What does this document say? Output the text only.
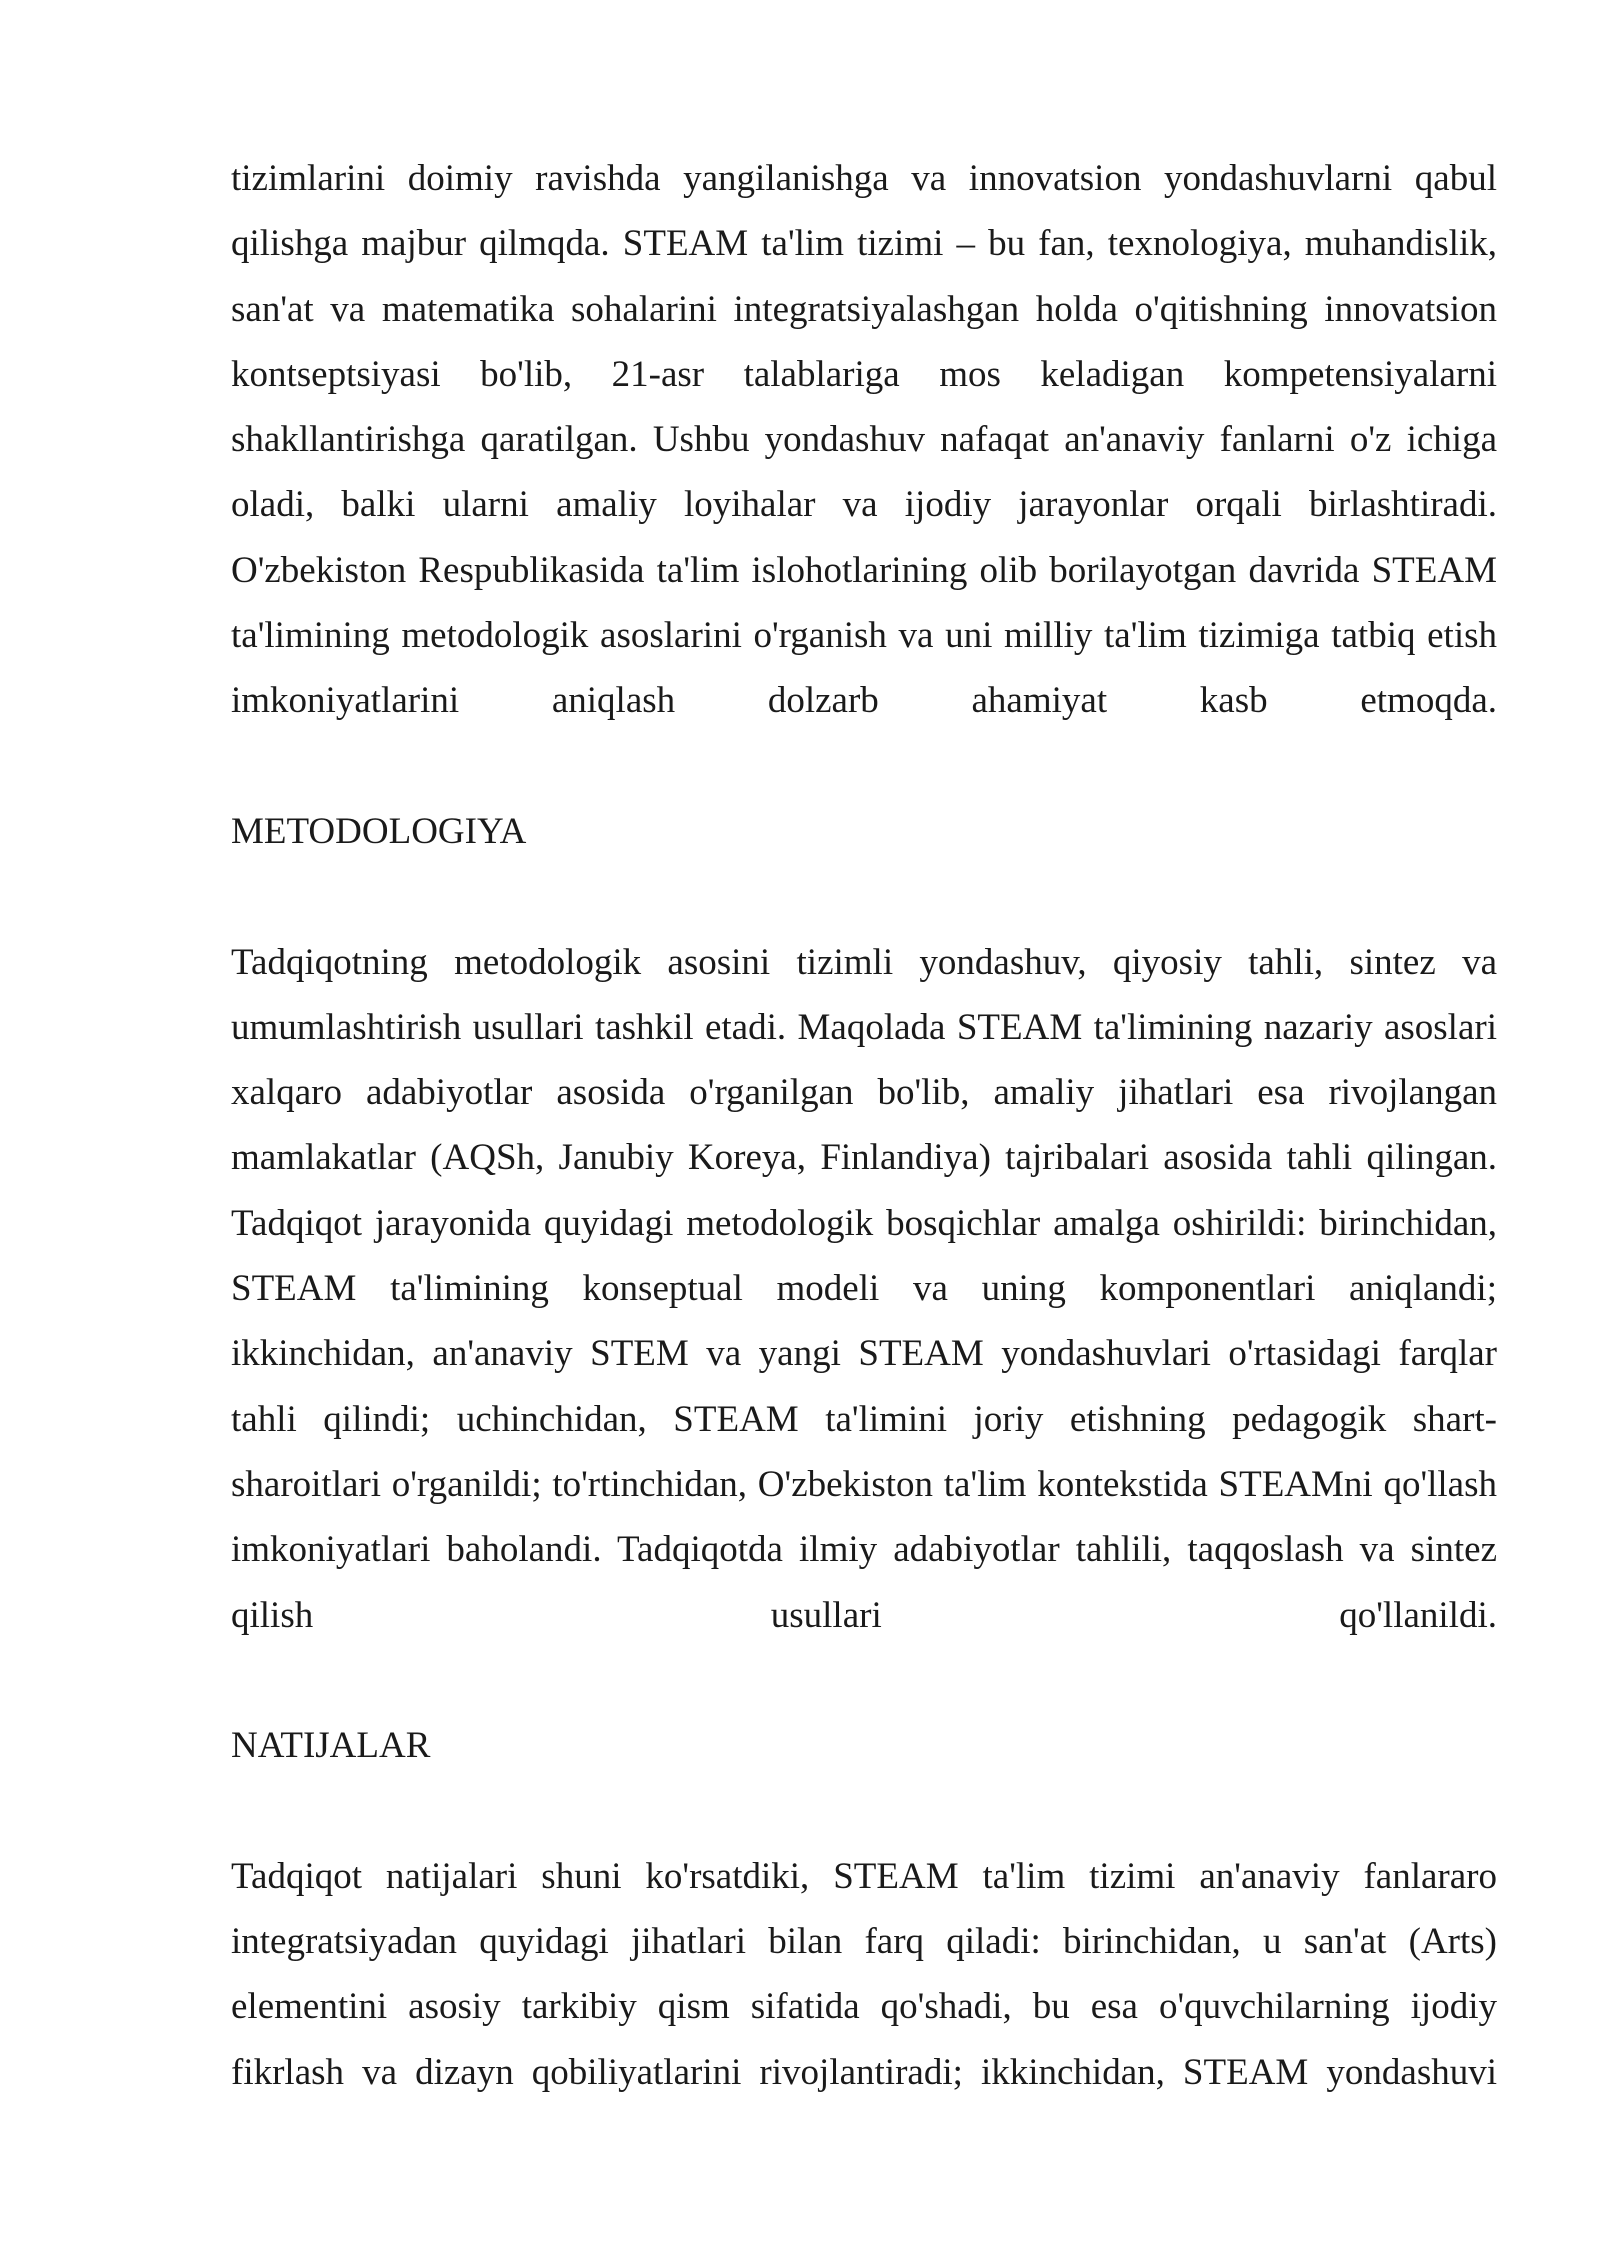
tizimlarini doimiy ravishda yangilanishga va innovatsion yondashuvlarni qabul qilishga majbur qilmqda. STEAM ta'lim tizimi – bu fan, texnologiya, muhandislik, san'at va matematika sohalarini integratsiyalashgan holda o'qitishning innovatsion kontseptsiyasi bo'lib, 21-asr talablariga mos keladigan kompetensiyalarni shakllantirishga qaratilgan. Ushbu yondashuv nafaqat an'anaviy fanlarni o'z ichiga oladi, balki ularni amaliy loyihalar va ijodiy jarayonlar orqali birlashtiradi. O'zbekiston Respublikasida ta'lim islohotlarining olib borilayotgan davrida STEAM ta'limining metodologik asoslarini o'rganish va uni milliy ta'lim tizimiga tatbiq etish imkoniyatlarini aniqlash dolzarb ahamiyat kasb etmoqda.

METODOLOGIYA

Tadqiqotning metodologik asosini tizimli yondashuv, qiyosiy tahli, sintez va umumlashtirish usullari tashkil etadi. Maqolada STEAM ta'limining nazariy asoslari xalqaro adabiyotlar asosida o'rganilgan bo'lib, amaliy jihatlari esa rivojlangan mamlakatlar (AQSh, Janubiy Koreya, Finlandiya) tajribalari asosida tahli qilingan. Tadqiqot jarayonida quyidagi metodologik bosqichlar amalga oshirildi: birinchidan, STEAM ta'limining konseptual modeli va uning komponentlari aniqlandi; ikkinchidan, an'anaviy STEM va yangi STEAM yondashuvlari o'rtasidagi farqlar tahli qilindi; uchinchidan, STEAM ta'limini joriy etishning pedagogik shart-sharoitlari o'rganildi; to'rtinchidan, O'zbekiston ta'lim kontekstida STEAMni qo'llash imkoniyatlari baholandi. Tadqiqotda ilmiy adabiyotlar tahlili, taqqoslash va sintez qilish usullari qo'llanildi.

NATIJALAR

Tadqiqot natijalari shuni ko'rsatdiki, STEAM ta'lim tizimi an'anaviy fanlararo integratsiyadan quyidagi jihatlari bilan farq qiladi: birinchidan, u san'at (Arts) elementini asosiy tarkibiy qism sifatida qo'shadi, bu esa o'quvchilarning ijodiy fikrlash va dizayn qobiliyatlarini rivojlantiradi; ikkinchidan, STEAM yondashuvi
